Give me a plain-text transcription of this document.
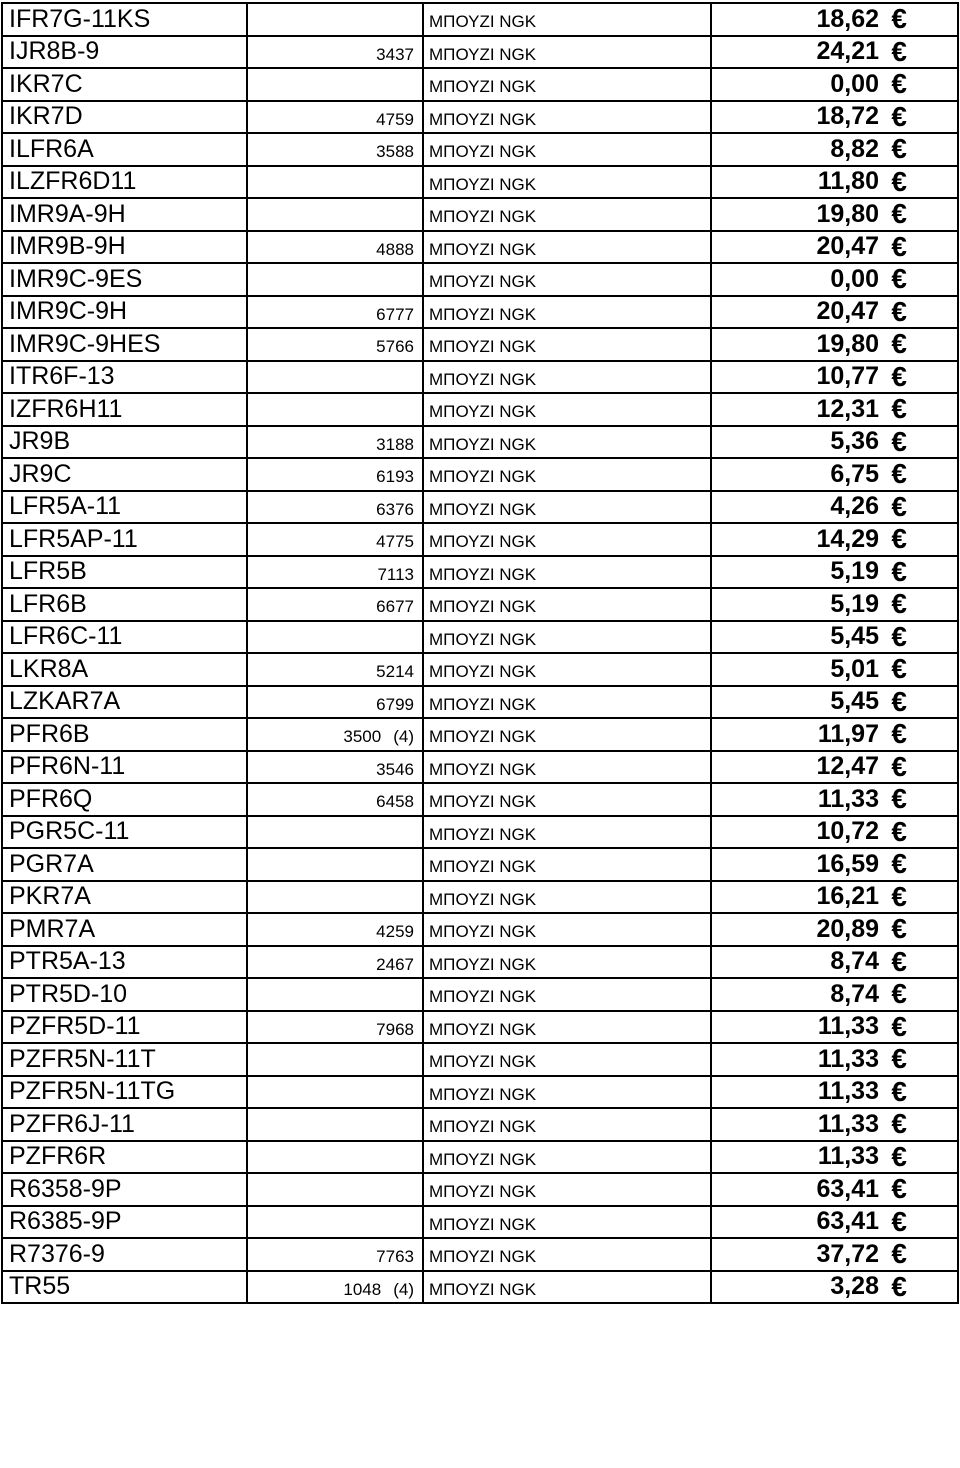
IFR7G-11KS		ΜΠΟΥΖΙ NGK	18,62 €

IJR8B-9	3437	ΜΠΟΥΖΙ NGK	24,21 €

IKR7C		ΜΠΟΥΖΙ NGK	0,00 €

IKR7D	4759	ΜΠΟΥΖΙ NGK	18,72 €

ILFR6A	3588	ΜΠΟΥΖΙ NGK	8,82 €

ILZFR6D11		ΜΠΟΥΖΙ NGK	11,80 €

IMR9A-9H		ΜΠΟΥΖΙ NGK	19,80 €

IMR9B-9H	4888	ΜΠΟΥΖΙ NGK	20,47 €

IMR9C-9ES		ΜΠΟΥΖΙ NGK	0,00 €

IMR9C-9H	6777	ΜΠΟΥΖΙ NGK	20,47 €

IMR9C-9HES	5766	ΜΠΟΥΖΙ NGK	19,80 €

ITR6F-13		ΜΠΟΥΖΙ NGK	10,77 €

IZFR6H11		ΜΠΟΥΖΙ NGK	12,31 €

JR9B	3188	ΜΠΟΥΖΙ NGK	5,36 €

JR9C	6193	ΜΠΟΥΖΙ NGK	6,75 €

LFR5A-11	6376	ΜΠΟΥΖΙ NGK	4,26 €

LFR5AP-11	4775	ΜΠΟΥΖΙ NGK	14,29 €

LFR5B	7113	ΜΠΟΥΖΙ NGK	5,19 €

LFR6B	6677	ΜΠΟΥΖΙ NGK	5,19 €

LFR6C-11		ΜΠΟΥΖΙ NGK	5,45 €

LKR8A	5214	ΜΠΟΥΖΙ NGK	5,01 €

LZKAR7A	6799	ΜΠΟΥΖΙ NGK	5,45 €

PFR6B	3500 (4)	ΜΠΟΥΖΙ NGK	11,97 €

PFR6N-11	3546	ΜΠΟΥΖΙ NGK	12,47 €

PFR6Q	6458	ΜΠΟΥΖΙ NGK	11,33 €

PGR5C-11		ΜΠΟΥΖΙ NGK	10,72 €

PGR7A		ΜΠΟΥΖΙ NGK	16,59 €

PKR7A		ΜΠΟΥΖΙ NGK	16,21 €

PMR7A	4259	ΜΠΟΥΖΙ NGK	20,89 €

PTR5A-13	2467	ΜΠΟΥΖΙ NGK	8,74 €

PTR5D-10		ΜΠΟΥΖΙ NGK	8,74 €

PZFR5D-11	7968	ΜΠΟΥΖΙ NGK	11,33 €

PZFR5N-11T		ΜΠΟΥΖΙ NGK	11,33 €

PZFR5N-11TG		ΜΠΟΥΖΙ NGK	11,33 €

PZFR6J-11		ΜΠΟΥΖΙ NGK	11,33 €

PZFR6R		ΜΠΟΥΖΙ NGK	11,33 €

R6358-9P		ΜΠΟΥΖΙ NGK	63,41 €

R6385-9P		ΜΠΟΥΖΙ NGK	63,41 €

R7376-9	7763	ΜΠΟΥΖΙ NGK	37,72 €

TR55	1048 (4)	ΜΠΟΥΖΙ NGK	3,28 €
